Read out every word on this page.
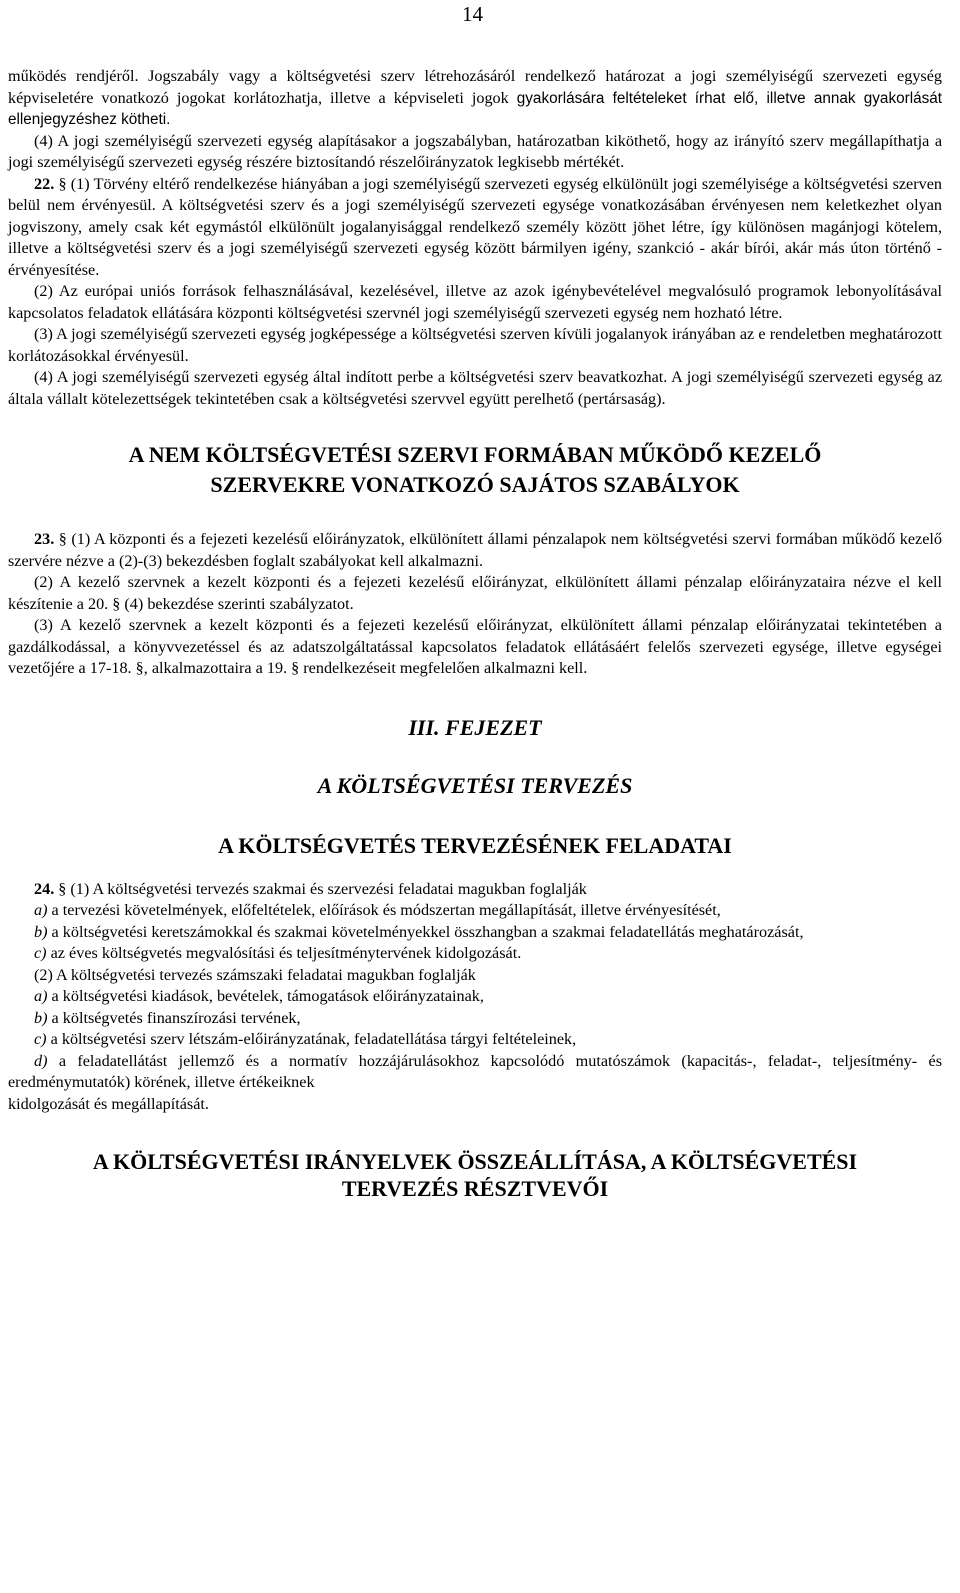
14

működés rendjéről. Jogszabály vagy a költségvetési szerv létrehozásáról rendelkező határozat a jogi személyiségű szervezeti egység képviseletére vonatkozó jogokat korlátozhatja, illetve a képviseleti jogok gyakorlására feltételeket írhat elő, illetve annak gyakorlását ellenjegyzéshez kötheti.

(4) A jogi személyiségű szervezeti egység alapításakor a jogszabályban, határozatban kiköthető, hogy az irányító szerv megállapíthatja a jogi személyiségű szervezeti egység részére biztosítandó részelőirányzatok legkisebb mértékét.

22. § (1) Törvény eltérő rendelkezése hiányában a jogi személyiségű szervezeti egység elkülönült jogi személyisége a költségvetési szerven belül nem érvényesül. A költségvetési szerv és a jogi személyiségű szervezeti egysége vonatkozásában érvényesen nem keletkezhet olyan jogviszony, amely csak két egymástól elkülönült jogalanyisággal rendelkező személy között jöhet létre, így különösen magánjogi kötelem, illetve a költségvetési szerv és a jogi személyiségű szervezeti egység között bármilyen igény, szankció - akár bírói, akár más úton történő - érvényesítése.

(2) Az európai uniós források felhasználásával, kezelésével, illetve az azok igénybevételével megvalósuló programok lebonyolításával kapcsolatos feladatok ellátására központi költségvetési szervnél jogi személyiségű szervezeti egység nem hozható létre.

(3) A jogi személyiségű szervezeti egység jogképessége a költségvetési szerven kívüli jogalanyok irányában az e rendeletben meghatározott korlátozásokkal érvényesül.

(4) A jogi személyiségű szervezeti egység által indított perbe a költségvetési szerv beavatkozhat. A jogi személyiségű szervezeti egység az általa vállalt kötelezettségek tekintetében csak a költségvetési szervvel együtt perelhető (pertársaság).

A NEM KÖLTSÉGVETÉSI SZERVI FORMÁBAN MŰKÖDŐ KEZELŐ
SZERVEKRE VONATKOZÓ SAJÁTOS SZABÁLYOK

23. § (1) A központi és a fejezeti kezelésű előirányzatok, elkülönített állami pénzalapok nem költségvetési szervi formában működő kezelő szervére nézve a (2)-(3) bekezdésben foglalt szabályokat kell alkalmazni.

(2) A kezelő szervnek a kezelt központi és a fejezeti kezelésű előirányzat, elkülönített állami pénzalap előirányzataira nézve el kell készítenie a 20. § (4) bekezdése szerinti szabályzatot.

(3) A kezelő szervnek a kezelt központi és a fejezeti kezelésű előirányzat, elkülönített állami pénzalap előirányzatai tekintetében a gazdálkodással, a könyvvezetéssel és az adatszolgáltatással kapcsolatos feladatok ellátásáért felelős szervezeti egysége, illetve egységei vezetőjére a 17-18. §, alkalmazottaira a 19. § rendelkezéseit megfelelően alkalmazni kell.

III. FEJEZET
A KÖLTSÉGVETÉSI TERVEZÉS
A KÖLTSÉGVETÉS TERVEZÉSÉNEK FELADATAI

24. § (1) A költségvetési tervezés szakmai és szervezési feladatai magukban foglalják

a) a tervezési követelmények, előfeltételek, előírások és módszertan megállapítását, illetve érvényesítését,

b) a költségvetési keretszámokkal és szakmai követelményekkel összhangban a szakmai feladatellátás meghatározását,

c) az éves költségvetés megvalósítási és teljesítménytervének kidolgozását.

(2) A költségvetési tervezés számszaki feladatai magukban foglalják

a) a költségvetési kiadások, bevételek, támogatások előirányzatainak,

b) a költségvetés finanszírozási tervének,

c) a költségvetési szerv létszám-előirányzatának, feladatellátása tárgyi feltételeinek,

d) a feladatellátást jellemző és a normatív hozzájárulásokhoz kapcsolódó mutatószámok (kapacitás-, feladat-, teljesítmény- és eredménymutatók) körének, illetve értékeiknek

kidolgozását és megállapítását.

A KÖLTSÉGVETÉSI IRÁNYELVEK ÖSSZEÁLLÍTÁSA, A KÖLTSÉGVETÉSI
TERVEZÉS RÉSZTVEVŐI
